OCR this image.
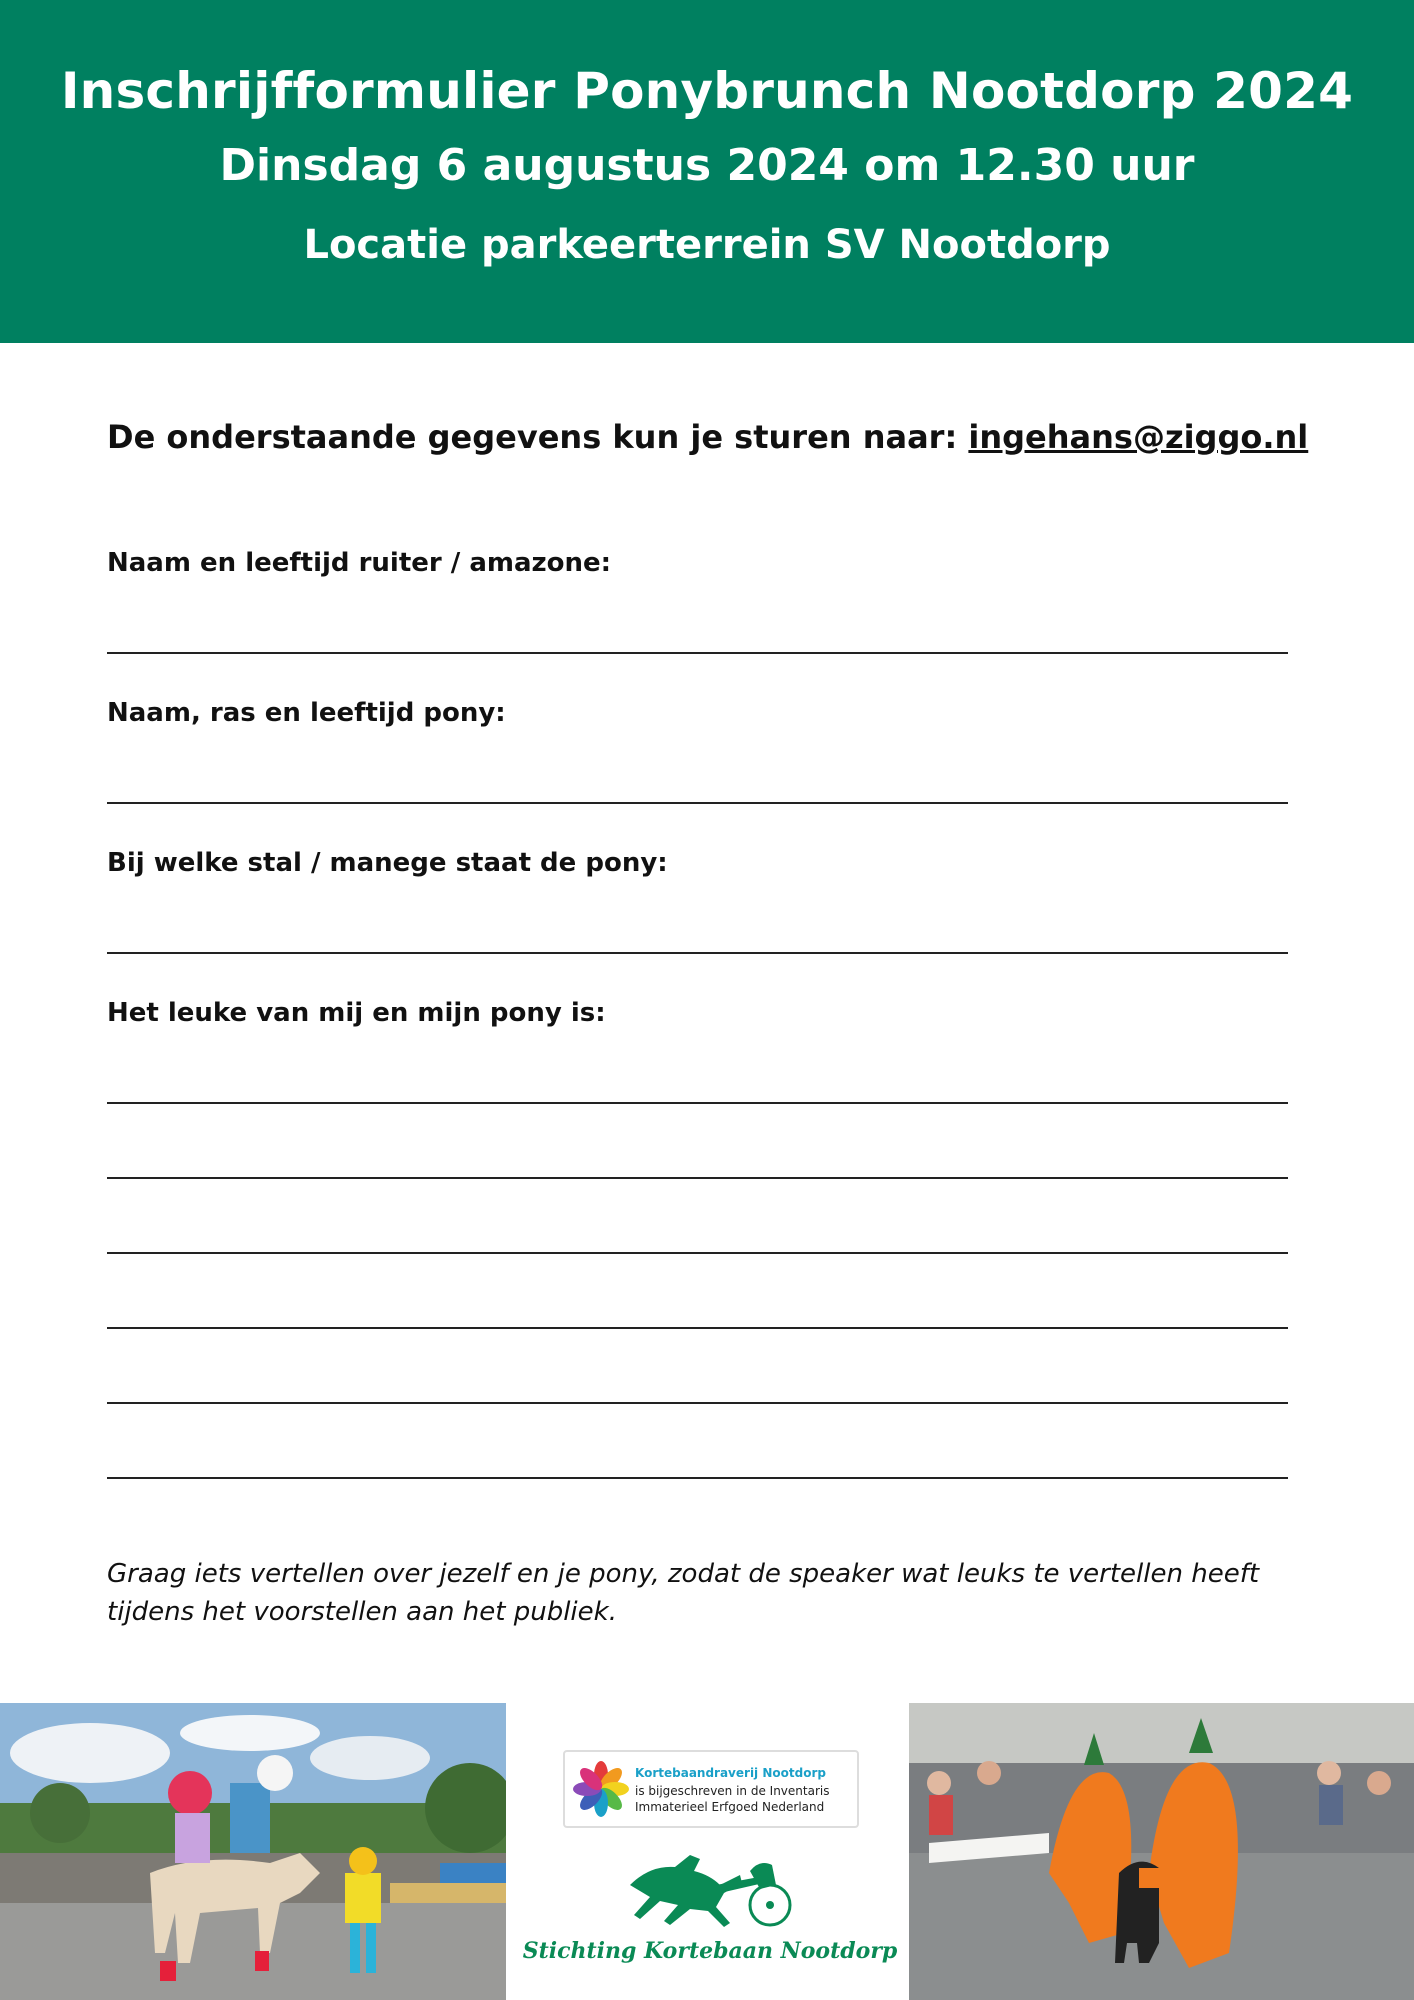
Inschrijfformulier Ponybrunch Nootdorp 2024
Dinsdag 6 augustus 2024 om 12.30 uur
Locatie parkeerterrein SV Nootdorp
De onderstaande gegevens kun je sturen naar: ingehans@ziggo.nl
Naam en leeftijd ruiter / amazone:
Naam, ras en leeftijd pony:
Bij welke stal / manege staat de pony:
Het leuke van mij en mijn pony is:
Graag iets vertellen over jezelf en je pony, zodat de speaker wat leuks te vertellen heeft tijdens het voorstellen aan het publiek.
Kortebaandraverij Nootdorp
is bijgeschreven in de Inventaris
Immaterieel Erfgoed Nederland
Stichting Kortebaan Nootdorp
